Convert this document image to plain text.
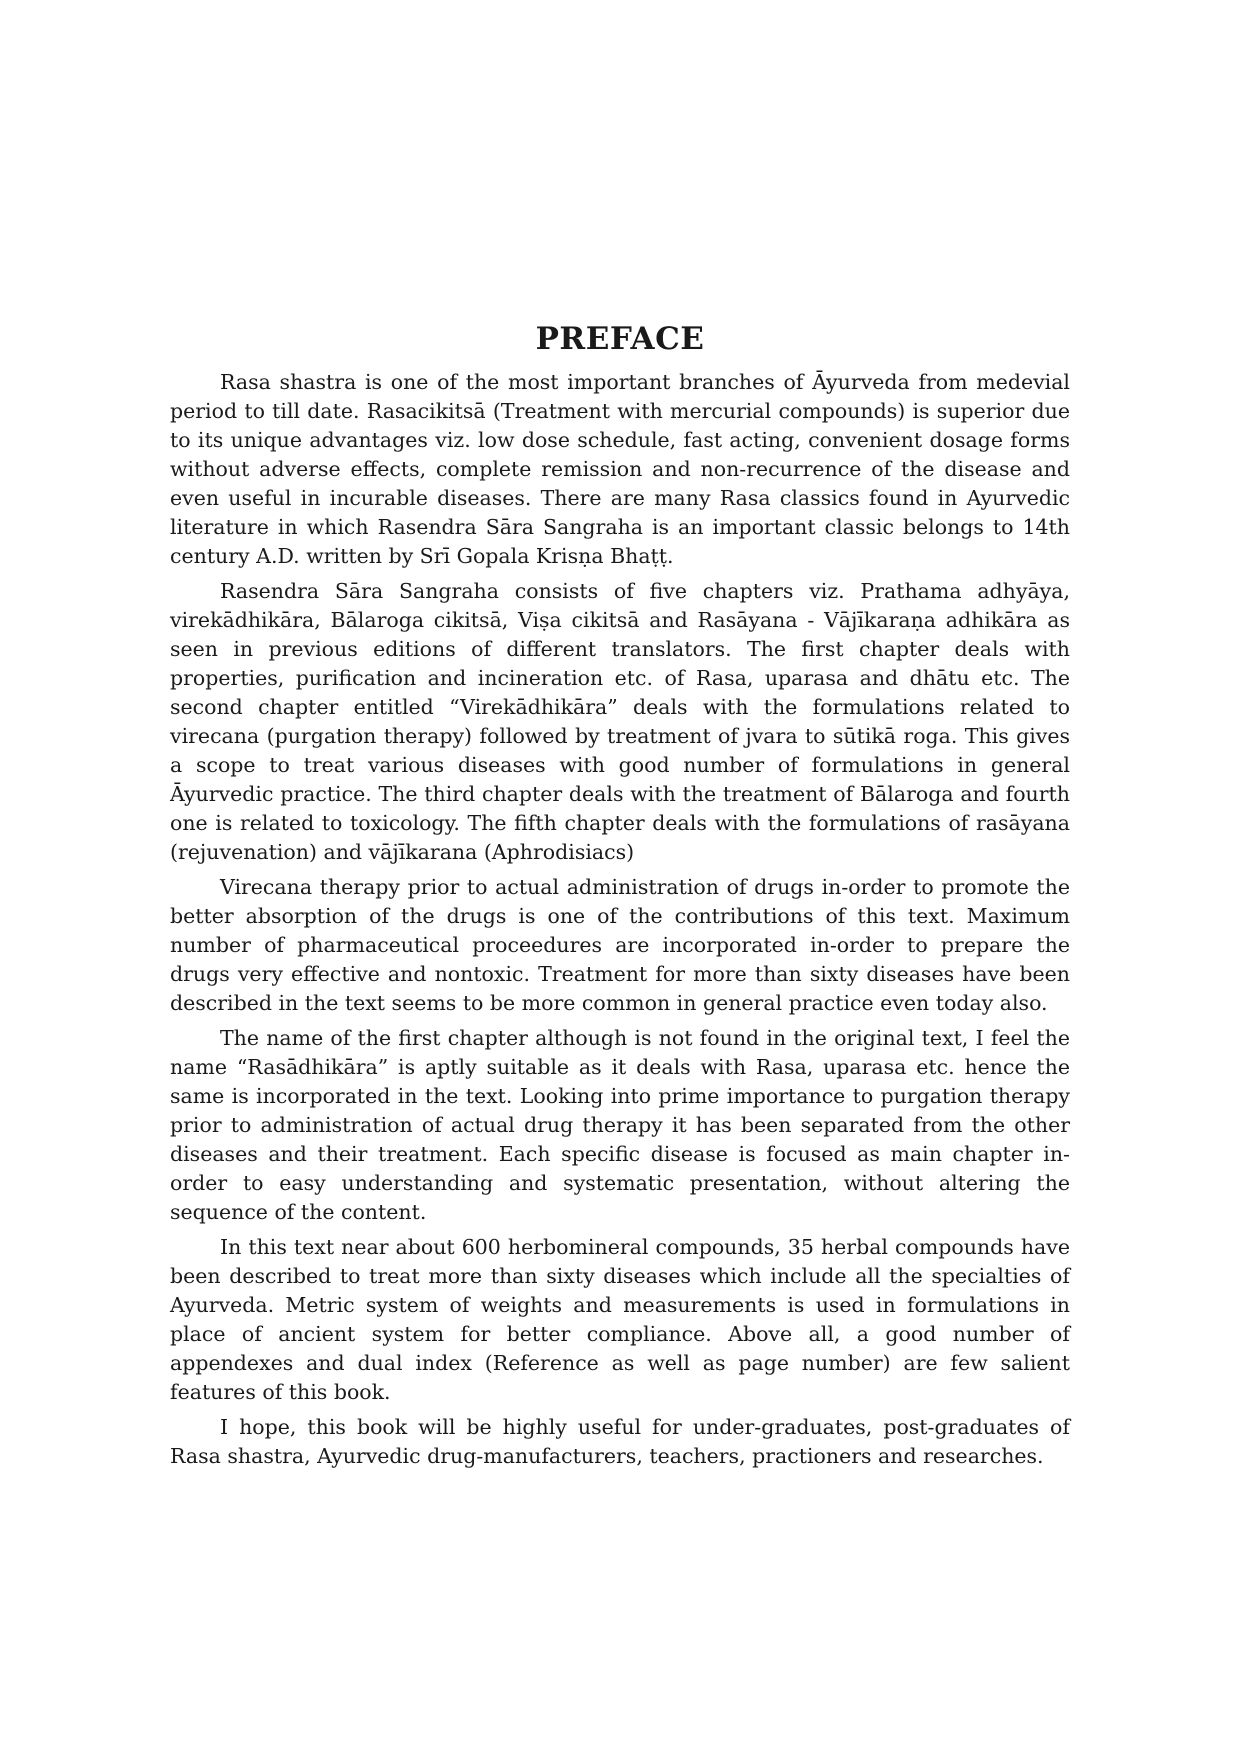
PREFACE

Rasa shastra is one of the most important branches of Āyurveda from medevial period to till date. Rasacikitsā (Treatment with mercurial compounds) is superior due to its unique advantages viz. low dose schedule, fast acting, convenient dosage forms without adverse effects, complete remission and non-recurrence of the disease and even useful in incurable diseases. There are many Rasa classics found in Ayurvedic literature in which Rasendra Sāra Sangraha is an important classic belongs to 14th century A.D. written by Srī Gopala Krisṇa Bhaṭṭ.

Rasendra Sāra Sangraha consists of five chapters viz. Prathama adhyāya, virekādhikāra, Bālaroga cikitsā, Viṣa cikitsā and Rasāyana - Vājīkaraṇa adhikāra as seen in previous editions of different translators. The first chapter deals with properties, purification and incineration etc. of Rasa, uparasa and dhātu etc. The second chapter entitled “Virekādhikāra” deals with the formulations related to virecana (purgation therapy) followed by treatment of jvara to sūtikā roga. This gives a scope to treat various diseases with good number of formulations in general Āyurvedic practice. The third chapter deals with the treatment of Bālaroga and fourth one is related to toxicology. The fifth chapter deals with the formulations of rasāyana (rejuvenation) and vājīkarana (Aphrodisiacs)

Virecana therapy prior to actual administration of drugs in-order to promote the better absorption of the drugs is one of the contributions of this text. Maximum number of pharmaceutical proceedures are incorporated in-order to prepare the drugs very effective and nontoxic. Treatment for more than sixty diseases have been described in the text seems to be more common in general practice even today also.

The name of the first chapter although is not found in the original text, I feel the name “Rasādhikāra” is aptly suitable as it deals with Rasa, uparasa etc. hence the same is incorporated in the text. Looking into prime importance to purgation therapy prior to administration of actual drug therapy it has been separated from the other diseases and their treatment. Each specific disease is focused as main chapter in-order to easy understanding and systematic presentation, without altering the sequence of the content.

In this text near about 600 herbomineral compounds, 35 herbal compounds have been described to treat more than sixty diseases which include all the specialties of Ayurveda. Metric system of weights and measurements is used in formulations in place of ancient system for better compliance. Above all, a good number of appendexes and dual index (Reference as well as page number) are few salient features of this book.

I hope, this book will be highly useful for under-graduates, post-graduates of Rasa shastra, Ayurvedic drug-manufacturers, teachers, practioners and researches.
